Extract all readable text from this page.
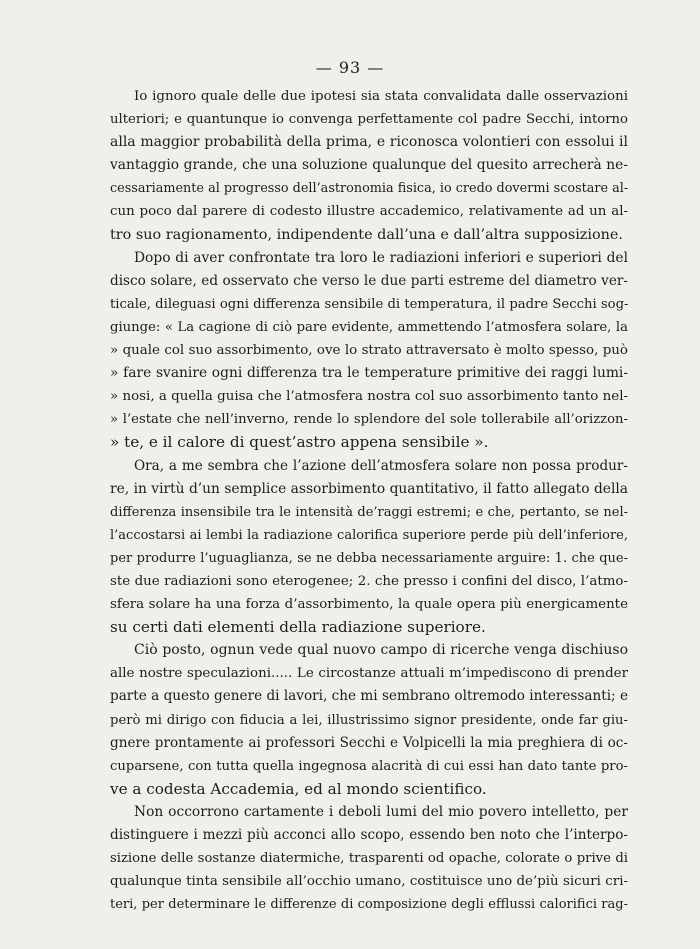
— 93 —
Io ignoro quale delle due ipotesi sia stata convalidata dalle osservazioni
ulteriori; e quantunque io convenga perfettamente col padre Secchi, intorno
alla maggior probabilità della prima, e riconosca volontieri con essolui il
vantaggio grande, che una soluzione qualunque del quesito arrecherà ne-
cessariamente al progresso dell’astronomia fisica, io credo dovermi scostare al-
cun poco dal parere di codesto illustre accademico, relativamente ad un al-
tro suo ragionamento, indipendente dall’una e dall’altra supposizione.
Dopo di aver confrontate tra loro le radiazioni inferiori e superiori del
disco solare, ed osservato che verso le due parti estreme del diametro ver-
ticale, dileguasi ogni differenza sensibile di temperatura, il padre Secchi sog-
giunge: « La cagione di ciò pare evidente, ammettendo l’atmosfera solare, la
» quale col suo assorbimento, ove lo strato attraversato è molto spesso, può
» fare svanire ogni differenza tra le temperature primitive dei raggi lumi-
» nosi, a quella guisa che l’atmosfera nostra col suo assorbimento tanto nel-
» l’estate che nell’inverno, rende lo splendore del sole tollerabile all’orizzon-
» te, e il calore di quest’astro appena sensibile ».
Ora, a me sembra che l’azione dell’atmosfera solare non possa produr-
re, in virtù d’un semplice assorbimento quantitativo, il fatto allegato della
differenza insensibile tra le intensità de’raggi estremi; e che, pertanto, se nel-
l’accostarsi ai lembi la radiazione calorifica superiore perde più dell’inferiore,
per produrre l’uguaglianza, se ne debba necessariamente arguire: 1. che que-
ste due radiazioni sono eterogenee; 2. che presso i confini del disco, l’atmo-
sfera solare ha una forza d’assorbimento, la quale opera più energicamente
su certi dati elementi della radiazione superiore.
Ciò posto, ognun vede qual nuovo campo di ricerche venga dischiuso
alle nostre speculazioni..... Le circostanze attuali m’impediscono di prender
parte a questo genere di lavori, che mi sembrano oltremodo interessanti; e
però mi dirigo con fiducia a lei, illustrissimo signor presidente, onde far giu-
gnere prontamente ai professori Secchi e Volpicelli la mia preghiera di oc-
cuparsene, con tutta quella ingegnosa alacrità di cui essi han dato tante pro-
ve a codesta Accademia, ed al mondo scientifico.
Non occorrono cartamente i deboli lumi del mio povero intelletto, per
distinguere i mezzi più acconci allo scopo, essendo ben noto che l’interpo-
sizione delle sostanze diatermiche, trasparenti od opache, colorate o prive di
qualunque tinta sensibile all’occhio umano, costituisce uno de’più sicuri cri-
teri, per determinare le differenze di composizione degli efflussi calorifici rag-
